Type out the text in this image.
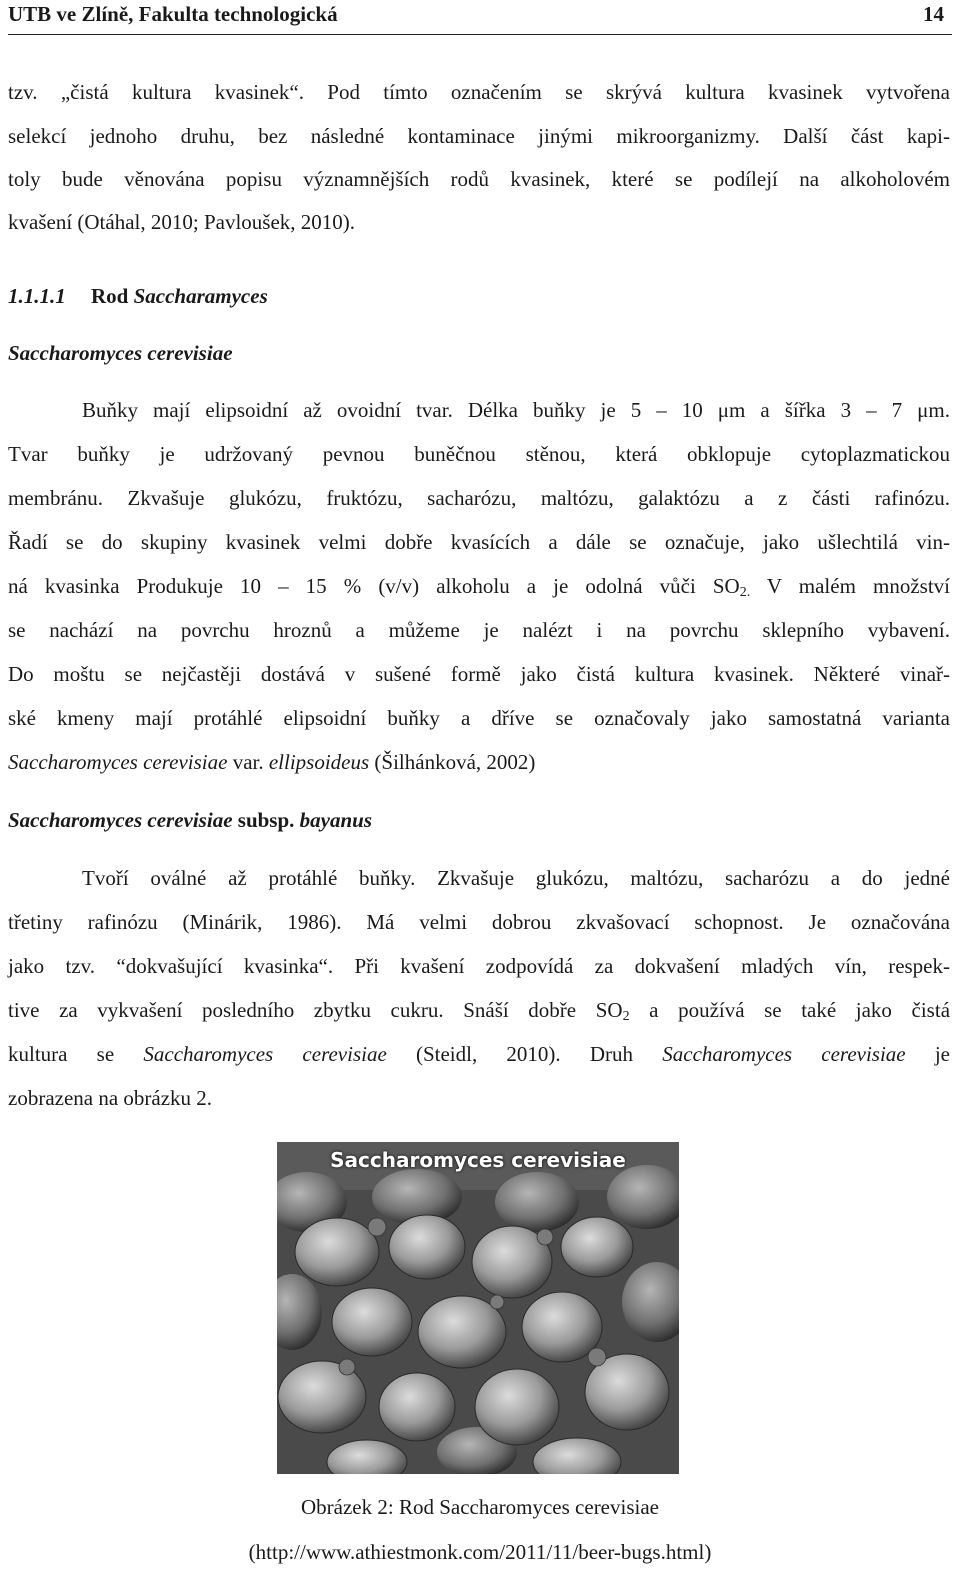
UTB ve Zlíně, Fakulta technologická	14
tzv. „čistá kultura kvasinek“. Pod tímto označením se skrývá kultura kvasinek vytvořena
selekcí jednoho druhu, bez následné kontaminace jinými mikroorganizmy. Další část kapi-
toly bude věnována popisu významnějších rodů kvasinek, které se podílejí na alkoholovém
kvašení (Otáhal, 2010; Pavloušek, 2010).
1.1.1.1 Rod Saccharamyces
Saccharomyces cerevisiae
Buňky mají elipsoidní až ovoidní tvar. Délka buňky je 5 – 10 μm a šířka 3 – 7 μm.
Tvar buňky je udržovaný pevnou buněčnou stěnou, která obklopuje cytoplazmatickou
membránu. Zkvašuje glukózu, fruktózu, sacharózu, maltózu, galaktózu a z části rafinózu.
Řadí se do skupiny kvasinek velmi dobře kvasících a dále se označuje, jako ušlechtilá vin-
ná kvasinka Produkuje 10 – 15 % (v/v) alkoholu a je odolná vůči $SO_{2.}$ V malém množství
se nachází na povrchu hroznů a můžeme je nalézt i na povrchu sklepního vybavení.
Do moštu se nejčastěji dostává v sušené formě jako čistá kultura kvasinek. Některé vinař-
ské kmeny mají protáhlé elipsoidní buňky a dříve se označovaly jako samostatná varianta
Saccharomyces cerevisiae var. ellipsoideus (Šilhánková, 2002)
Saccharomyces cerevisiae subsp. bayanus
Tvoří oválné až protáhlé buňky. Zkvašuje glukózu, maltózu, sacharózu a do jedné
třetiny rafinózu (Minárik, 1986). Má velmi dobrou zkvašovací schopnost. Je označována
jako tzv. “dokvašující kvasinka“. Při kvašení zodpovídá za dokvašení mladých vín, respek-
tive za vykvašení posledního zbytku cukru. Snáší dobře $SO_2$ a používá se také jako čistá
kultura se Saccharomyces cerevisiae (Steidl, 2010). Druh Saccharomyces cerevisiae je
zobrazena na obrázku 2.
Saccharomyces cerevisiae
Obrázek 2: Rod Saccharomyces cerevisiae
(http://www.athiestmonk.com/2011/11/beer-bugs.html)
